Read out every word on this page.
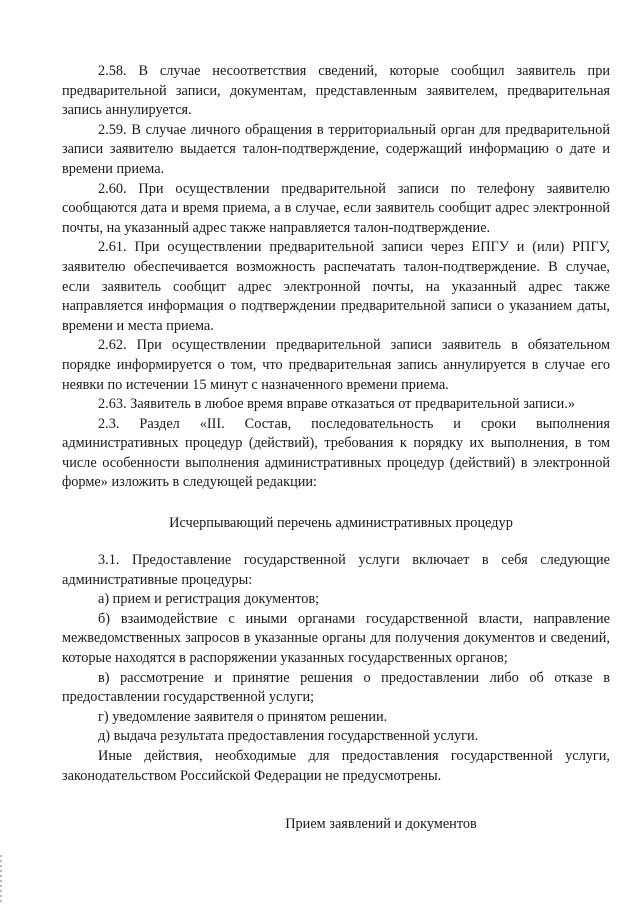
2.58. В случае несоответствия сведений, которые сообщил заявитель при предварительной записи, документам, представленным заявителем, предварительная запись аннулируется.

2.59. В случае личного обращения в территориальный орган для предварительной записи заявителю выдается талон-подтверждение, содержащий информацию о дате и времени приема.

2.60. При осуществлении предварительной записи по телефону заявителю сообщаются дата и время приема, а в случае, если заявитель сообщит адрес электронной почты, на указанный адрес также направляется талон-подтверждение.

2.61. При осуществлении предварительной записи через ЕПГУ и (или) РПГУ, заявителю обеспечивается возможность распечатать талон-подтверждение. В случае, если заявитель сообщит адрес электронной почты, на указанный адрес также направляется информация о подтверждении предварительной записи о указанием даты, времени и места приема.

2.62. При осуществлении предварительной записи заявитель в обязательном порядке информируется о том, что предварительная запись аннулируется в случае его неявки по истечении 15 минут с назначенного времени приема.

2.63. Заявитель в любое время вправе отказаться от предварительной записи.»

2.3. Раздел «III. Состав, последовательность и сроки выполнения административных процедур (действий), требования к порядку их выполнения, в том числе особенности выполнения административных процедур (действий) в электронной форме» изложить в следующей редакции:

Исчерпывающий перечень административных процедур

3.1. Предоставление государственной услуги включает в себя следующие административные процедуры:

а) прием и регистрация документов;

б) взаимодействие с иными органами государственной власти, направление межведомственных запросов в указанные органы для получения документов и сведений, которые находятся в распоряжении указанных государственных органов;

в) рассмотрение и принятие решения о предоставлении либо об отказе в предоставлении государственной услуги;

г) уведомление заявителя о принятом решении.

д) выдача результата предоставления государственной услуги.

Иные действия, необходимые для предоставления государственной услуги, законодательством Российской Федерации не предусмотрены.

Прием заявлений и документов
